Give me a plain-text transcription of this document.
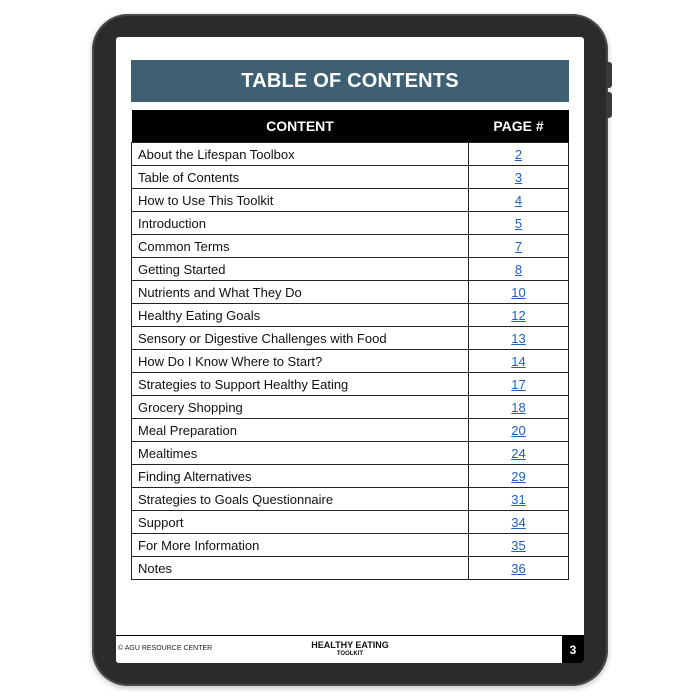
TABLE OF CONTENTS
CONTENT	PAGE #
About the Lifespan Toolbox	2
Table of Contents	3
How to Use This Toolkit	4
Introduction	5
Common Terms	7
Getting Started	8
Nutrients and What They Do	10
Healthy Eating Goals	12
Sensory or Digestive Challenges with Food	13
How Do I Know Where to Start?	14
Strategies to Support Healthy Eating	17
Grocery Shopping	18
Meal Preparation	20
Mealtimes	24
Finding Alternatives	29
Strategies to Goals Questionnaire	31
Support	34
For More Information	35
Notes	36
© AGU RESOURCE CENTER	HEALTHY EATING
TOOLKIT	3
